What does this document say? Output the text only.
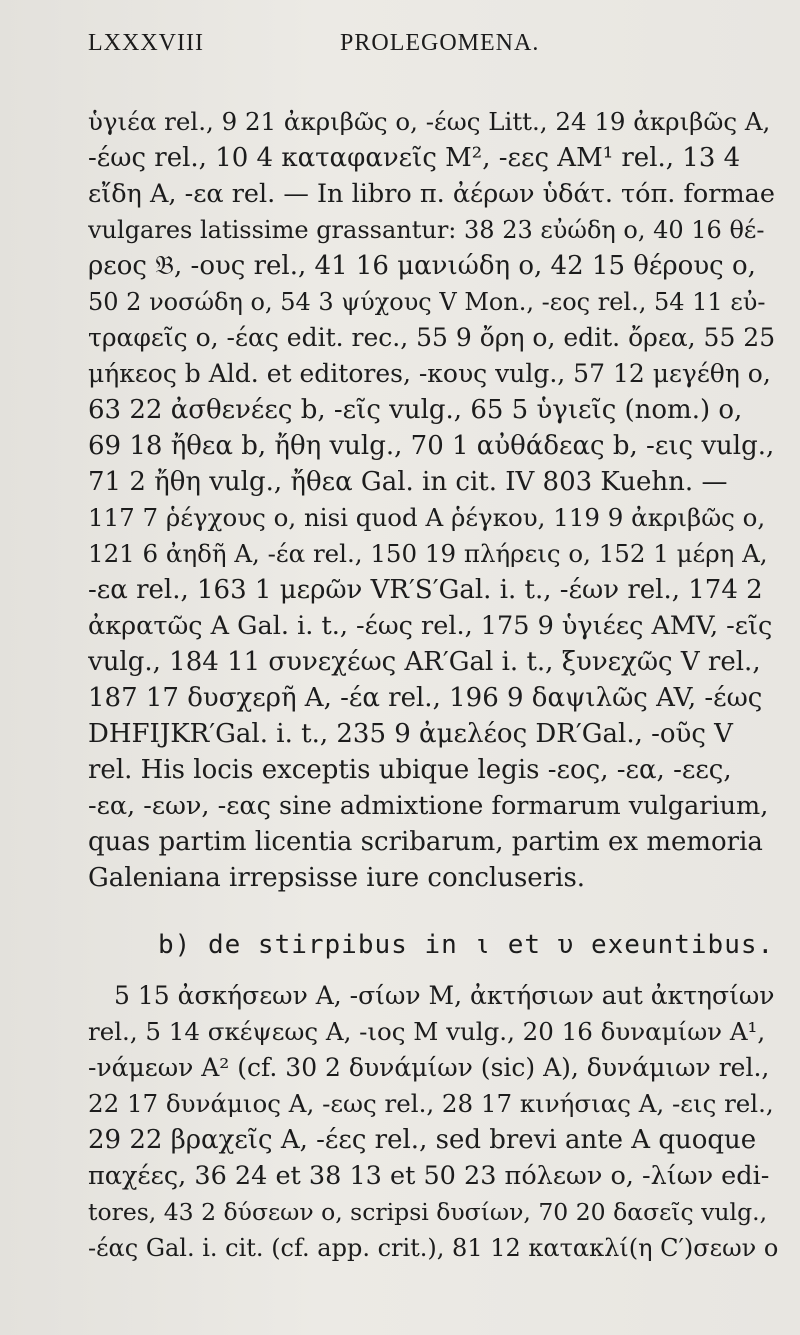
LXXXVIII	PROLEGOMENA.
ὑγιέα rel., 9 21 ἀκριβῶς o, -έως Litt., 24 19 ἀκριβῶς A,
-έως rel., 10 4 καταφανεῖς M², -εες AM¹ rel., 13 4
εἴδη A, -εα rel. — In libro π. ἀέρων ὑδάτ. τόπ. formae
vulgares latissime grassantur: 38 23 εὐώδη o, 40 16 θέ-
ρεος 𝔅, -ους rel., 41 16 μανιώδη o, 42 15 θέρους o,
50 2 νοσώδη o, 54 3 ψύχους V Mon., -εος rel., 54 11 εὐ-
τραφεῖς o, -έας edit. rec., 55 9 ὄρη o, edit. ὄρεα, 55 25
μήκεος b Ald. et editores, -κους vulg., 57 12 μεγέθη o,
63 22 ἀσθενέες b, -εῖς vulg., 65 5 ὑγιεῖς (nom.) o,
69 18 ἤθεα b, ἤθη vulg., 70 1 αὐθάδεας b, -εις vulg.,
71 2 ἤθη vulg., ἤθεα Gal. in cit. IV 803 Kuehn. —
117 7 ῥέγχους o, nisi quod A ῥέγκου, 119 9 ἀκριβῶς o,
121 6 ἀηδῆ A, -έα rel., 150 19 πλήρεις o, 152 1 μέρη A,
-εα rel., 163 1 μερῶν VR′S′Gal. i. t., -έων rel., 174 2
ἀκρατῶς A Gal. i. t., -έως rel., 175 9 ὑγιέες AMV, -εῖς
vulg., 184 11 συνεχέως AR′Gal i. t., ξυνεχῶς V rel.,
187 17 δυσχερῆ A, -έα rel., 196 9 δαψιλῶς AV, -έως
DHFIJKR′Gal. i. t., 235 9 ἀμελέος DR′Gal., -οῦς V
rel. His locis exceptis ubique legis -εος, -εα, -εες,
-εα, -εων, -εας sine admixtione formarum vulgarium,
quas partim licentia scribarum, partim ex memoria
Galeniana irrepsisse iure concluseris.
b) de stirpibus in ι et υ exeuntibus.
5 15 ἀσκήσεων A, -σίων M, ἀκτήσιων aut ἀκτησίων
rel., 5 14 σκέψεως A, -ιος M vulg., 20 16 δυναμίων A¹,
-νάμεων A² (cf. 30 2 δυνάμίων (sic) A), δυνάμιων rel.,
22 17 δυνάμιος A, -εως rel., 28 17 κινήσιας A, -εις rel.,
29 22 βραχεῖς A, -έες rel., sed brevi ante A quoque
παχέες, 36 24 et 38 13 et 50 23 πόλεων o, -λίων edi-
tores, 43 2 δύσεων o, scripsi δυσίων, 70 20 δασεῖς vulg.,
-έας Gal. i. cit. (cf. app. crit.), 81 12 κατακλί(η C′)σεων o
